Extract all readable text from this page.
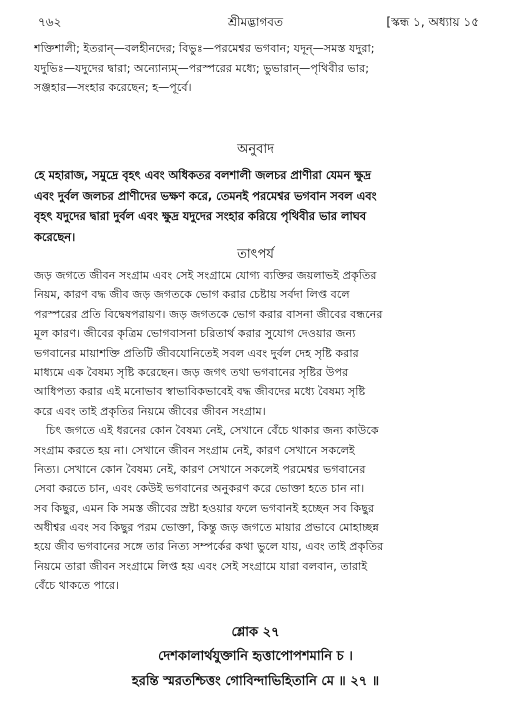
শ্রীমদ্ভাগবত
৭৬২	[স্কন্ধ ১, অধ্যায় ১৫
শক্তিশালী; ইতরান্—বলহীনদের; বিভুঃ—পরমেশ্বর ভগবান; যদূন্—সমস্ত যদুরা;
যদুভিঃ—যদুদের দ্বারা; অন্যোন্যম্—পরস্পরের মধ্যে; ভুভারান্—পৃথিবীর ভার;
সঞ্জহার—সংহার করেছেন; হ—পূর্বে।
অনুবাদ
হে মহারাজ, সমুদ্রে বৃহৎ এবং অধিকতর বলশালী জলচর প্রাণীরা যেমন ক্ষুদ্র
এবং দুর্বল জলচর প্রাণীদের ভক্ষণ করে, তেমনই পরমেশ্বর ভগবান সবল এবং
বৃহৎ যদুদের দ্বারা দুর্বল এবং ক্ষুদ্র যদুদের সংহার করিয়ে পৃথিবীর ভার লাঘব
করেছেন।
তাৎপর্য
জড় জগতে জীবন সংগ্রাম এবং সেই সংগ্রামে যোগ্য ব্যক্তির জয়লাভই প্রকৃতির
নিয়ম, কারণ বদ্ধ জীব জড় জগতকে ভোগ করার চেষ্টায় সর্বদা লিপ্ত বলে
পরস্পরের প্রতি বিদ্বেষপরায়ণ। জড় জগতকে ভোগ করার বাসনা জীবের বন্ধনের
মূল কারণ। জীবের কৃত্রিম ভোগবাসনা চরিতার্থ করার সুযোগ দেওয়ার জন্য
ভগবানের মায়াশক্তি প্রতিটি জীবযোনিতেই সবল এবং দুর্বল দেহ সৃষ্টি করার
মাধ্যমে এক বৈষম্য সৃষ্টি করেছেন। জড় জগৎ তথা ভগবানের সৃষ্টির উপর
আধিপত্য করার এই মনোভাব স্বাভাবিকভাবেই বদ্ধ জীবদের মধ্যে বৈষম্য সৃষ্টি
করে এবং তাই প্রকৃতির নিয়মে জীবের জীবন সংগ্রাম।
চিৎ জগতে এই ধরনের কোন বৈষম্য নেই, সেখানে বেঁচে থাকার জন্য কাউকে
সংগ্রাম করতে হয় না। সেখানে জীবন সংগ্রাম নেই, কারণ সেখানে সকলেই
নিত্য। সেখানে কোন বৈষম্য নেই, কারণ সেখানে সকলেই পরমেশ্বর ভগবানের
সেবা করতে চান, এবং কেউই ভগবানের অনুকরণ করে ভোক্তা হতে চান না।
সব কিছুর, এমন কি সমস্ত জীবের স্রষ্টা হওয়ার ফলে ভগবানই হচ্ছেন সব কিছুর
অধীশ্বর এবং সব কিছুর পরম ভোক্তা, কিন্তু জড় জগতে মায়ার প্রভাবে মোহাচ্ছন্ন
হয়ে জীব ভগবানের সঙ্গে তার নিত্য সম্পর্কের কথা ভুলে যায়, এবং তাই প্রকৃতির
নিয়মে তারা জীবন সংগ্রামে লিপ্ত হয় এবং সেই সংগ্রামে যারা বলবান, তারাই
বেঁচে থাকতে পারে।
শ্লোক ২৭
দেশকালার্থযুক্তানি হৃত্তাপোপশমানি চ ।
হরন্তি স্মরতশ্চিত্তং গোবিন্দাভিহিতানি মে ॥ ২৭ ॥
